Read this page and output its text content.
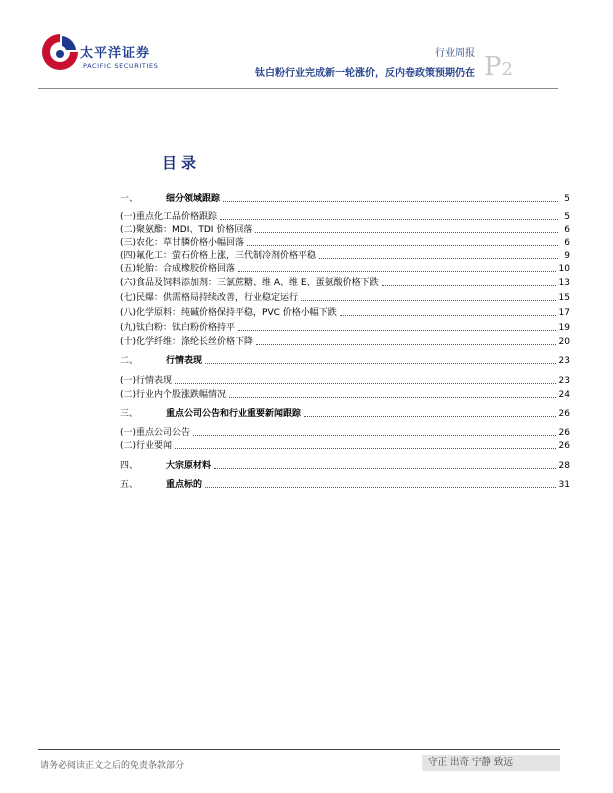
太平洋证券
PACIFIC SECURITIES
行业周报
钛白粉行业完成新一轮涨价，反内卷政策预期仍在 P2
目录
一、	细分领域跟踪	5
(一) 重点化工品价格跟踪	5
(二) 聚氨酯：MDI、TDI 价格回落	6
(三) 农化：草甘膦价格小幅回落	6
(四) 氟化工：萤石价格上涨，三代制冷剂价格平稳	9
(五) 轮胎：合成橡胶价格回落	10
(六) 食品及饲料添加剂：三氯蔗糖、维 A、维 E、蛋氨酸价格下跌	13
(七) 民爆：供需格局持续改善，行业稳定运行	15
(八) 化学原料：纯碱价格保持平稳，PVC 价格小幅下跌	17
(九) 钛白粉：钛白粉价格持平	19
(十) 化学纤维：涤纶长丝价格下降	20
二、	行情表现	23
(一) 行情表现	23
(二) 行业内个股涨跌幅情况	24
三、	重点公司公告和行业重要新闻跟踪	26
(一) 重点公司公告	26
(二) 行业要闻	26
四、	大宗原材料	28
五、	重点标的	31
请务必阅读正文之后的免责条款部分	守正 出奇 宁静 致远
